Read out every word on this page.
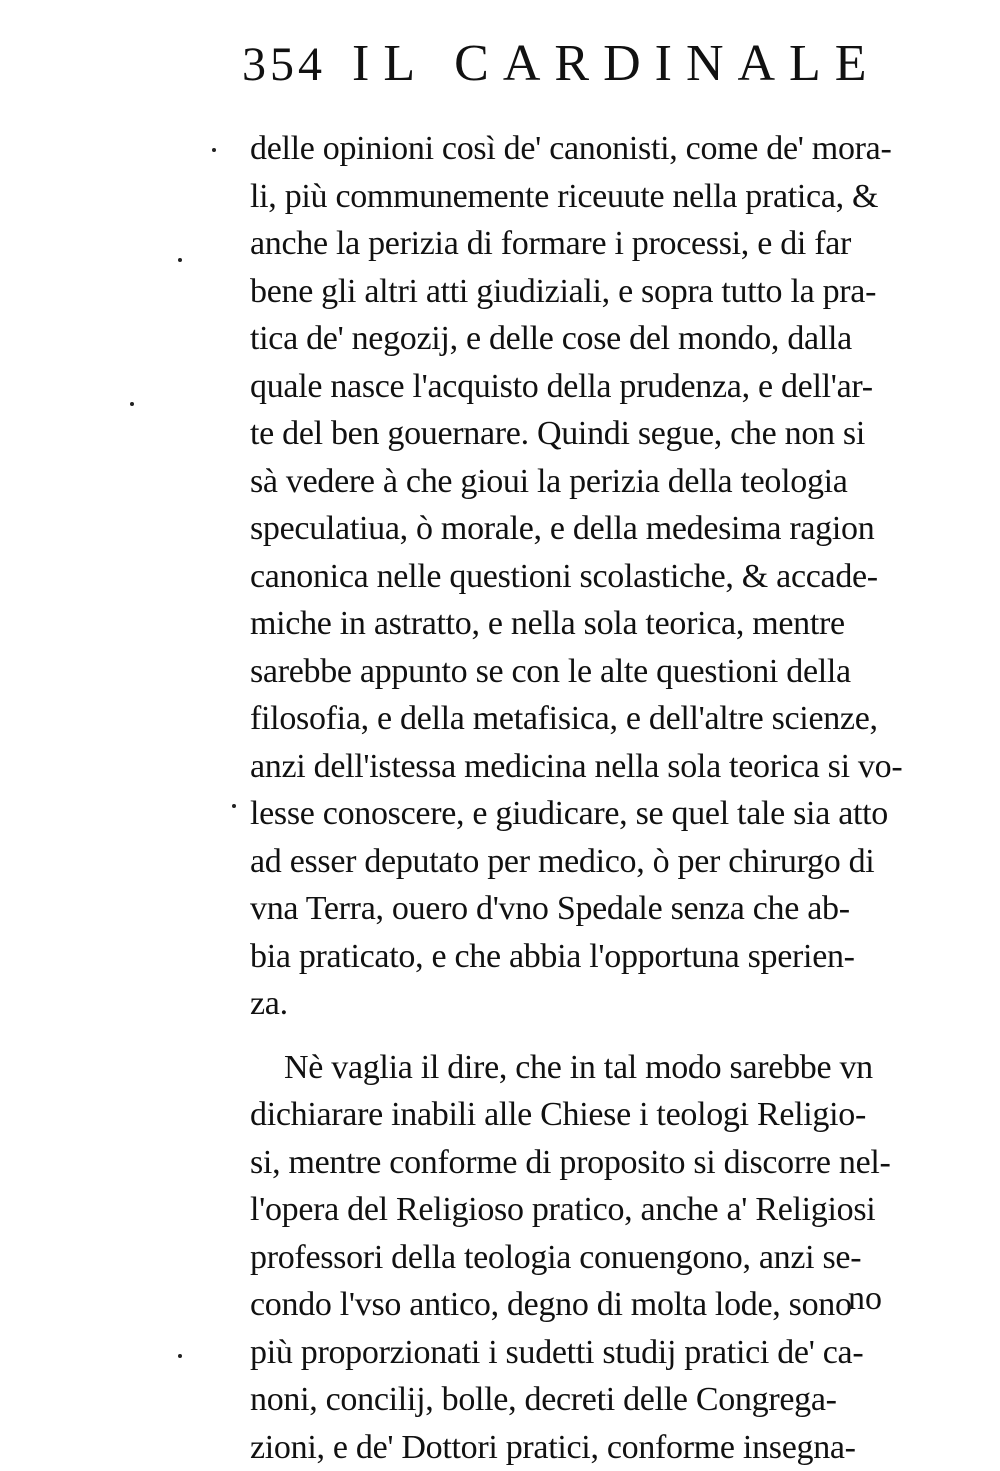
354 IL CARDINALE
delle opinioni così de' canonisti, come de' mora-
li, più communemente riceuute nella pratica, &
anche la perizia di formare i processi, e di far
bene gli altri atti giudiziali, e sopra tutto la pra-
tica de' negozij, e delle cose del mondo, dalla
quale nasce l'acquisto della prudenza, e dell'ar-
te del ben gouernare. Quindi segue, che non si
sà vedere à che gioui la perizia della teologia
speculatiua, ò morale, e della medesima ragion
canonica nelle questioni scolastiche, & accade-
miche in astratto, e nella sola teorica, mentre
sarebbe appunto se con le alte questioni della
filosofia, e della metafisica, e dell'altre scienze,
anzi dell'istessa medicina nella sola teorica si vo-
lesse conoscere, e giudicare, se quel tale sia atto
ad esser deputato per medico, ò per chirurgo di
vna Terra, ouero d'vno Spedale senza che ab-
bia praticato, e che abbia l'opportuna sperien-
za.
Nè vaglia il dire, che in tal modo sarebbe vn
dichiarare inabili alle Chiese i teologi Religio-
si, mentre conforme di proposito si discorre nel-
l'opera del Religioso pratico, anche a' Religiosi
professori della teologia conuengono, anzi se-
condo l'vso antico, degno di molta lode, sono
più proporzionati i sudetti studij pratici de' ca-
noni, concilij, bolle, decreti delle Congrega-
zioni, e de' Dottori pratici, conforme insegna-
no
